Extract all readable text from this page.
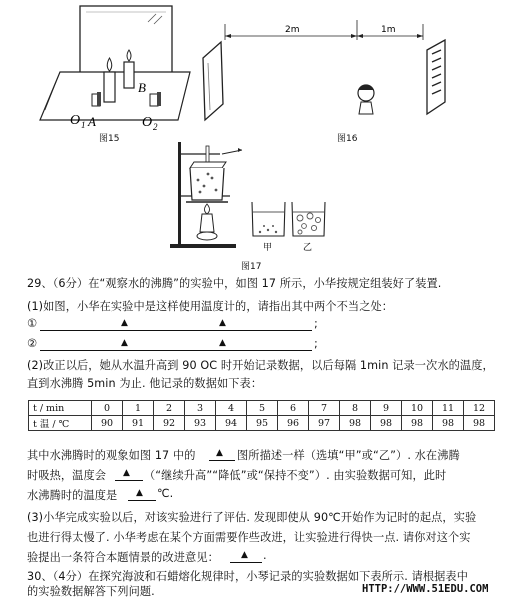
B
O 1 A	O 2
图15
2m	1m
图16
甲	乙
图17
29、（6分）在“观察水的沸腾”的实验中，如图 17 所示，小华按规定组装好了装置.
(1)如图，小华在实验中是这样使用温度计的，请指出其中两个不当之处：
①	▲	▲	;
②	▲	▲	;
(2)改正以后，她从水温升高到 90 OC 时开始记录数据，以后每隔 1min 记录一次水的温度，
直到水沸腾 5min 为止. 他记录的数据如下表：
t / min	0	1	2	3	4	5	6	7	8	9	10	11	12
t 温 / ℃	90	91	92	93	94	95	96	97	98	98	98	98	98
其中水沸腾时的观象如图 17 中的 ▲ 图所描述一样（选填“甲”或“乙”）. 水在沸腾
时吸热，温度会 ▲ （“继续升高”“降低”或“保持不变”）. 由实验数据可知，此时
水沸腾时的温度是 ▲ ℃.
(3)小华完成实验以后，对该实验进行了评估. 发现即使从 90℃开始作为记时的起点，实验
也进行得太慢了. 小华考虑在某个方面需要作些改进，让实验进行得快一点. 请你对这个实
验提出一条符合本题情景的改进意见： ▲ .
30、（4分）在探究海波和石蜡熔化规律时，小琴记录的实验数据如下表所示. 请根据表中
的实验数据解答下列问题.	HTTP://WWW.51EDU.COM
